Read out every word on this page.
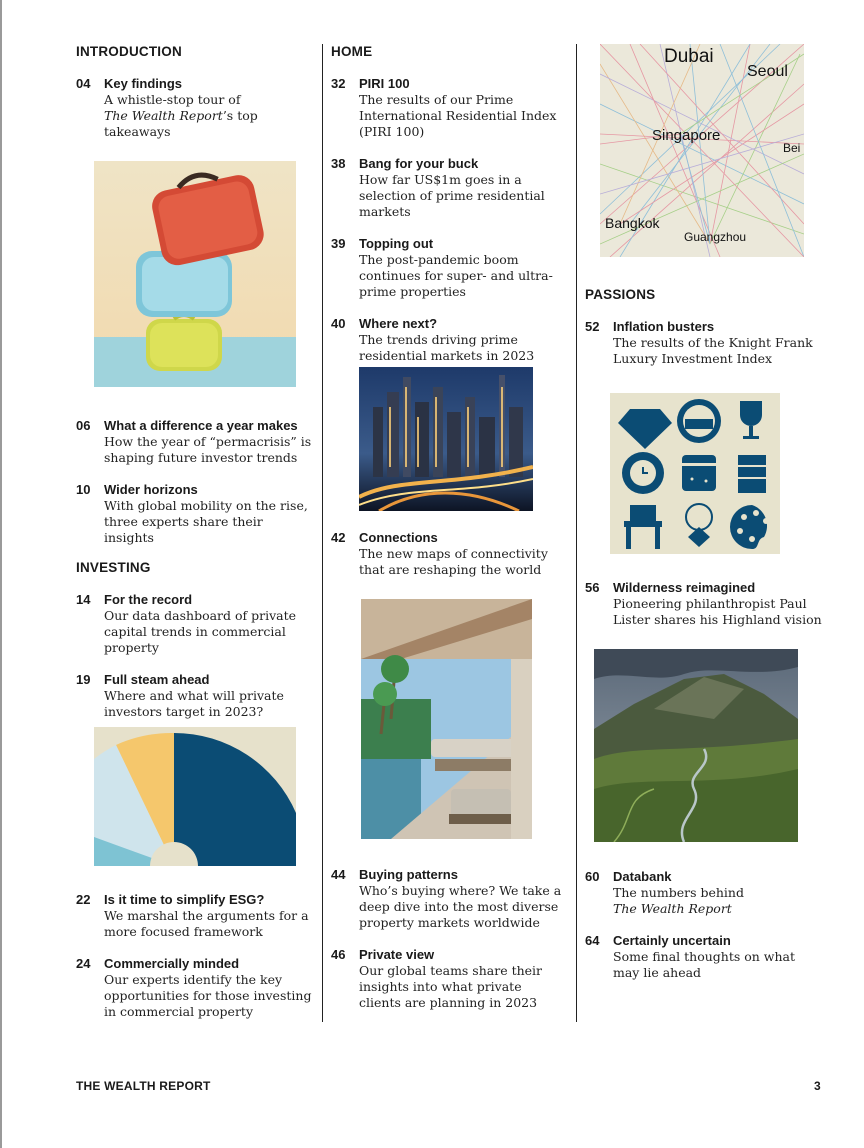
INTRODUCTION
04	Key findings
A whistle-stop tour of
The Wealth Report’s top takeaways
06	What a difference a year makes
How the year of “permacrisis” is shaping future investor trends
10	Wider horizons
With global mobility on the rise, three experts share their insights
INVESTING
14	For the record
Our data dashboard of private capital trends in commercial property
19	Full steam ahead
Where and what will private investors target in 2023?
22	Is it time to simplify ESG?
We marshal the arguments for a more focused framework
24	Commercially minded
Our experts identify the key opportunities for those investing in commercial property
HOME
32	PIRI 100
The results of our Prime International Residential Index (PIRI 100)
38	Bang for your buck
How far US$1m goes in a selection of prime residential markets
39	Topping out
The post-pandemic boom continues for super- and ultra-prime properties
40	Where next?
The trends driving prime residential markets in 2023
42	Connections
The new maps of connectivity that are reshaping the world
44	Buying patterns
Who’s buying where? We take a deep dive into the most diverse property markets worldwide
46	Private view
Our global teams share their insights into what private clients are planning in 2023
Dubai
Seoul
Singapore
Bei
Bangkok
Guangzhou
PASSIONS
52	Inflation busters
The results of the Knight Frank Luxury Investment Index
56	Wilderness reimagined
Pioneering philanthropist Paul Lister shares his Highland vision
60	Databank
The numbers behind
The Wealth Report
64	Certainly uncertain
Some final thoughts on what may lie ahead
THE WEALTH REPORT	3
